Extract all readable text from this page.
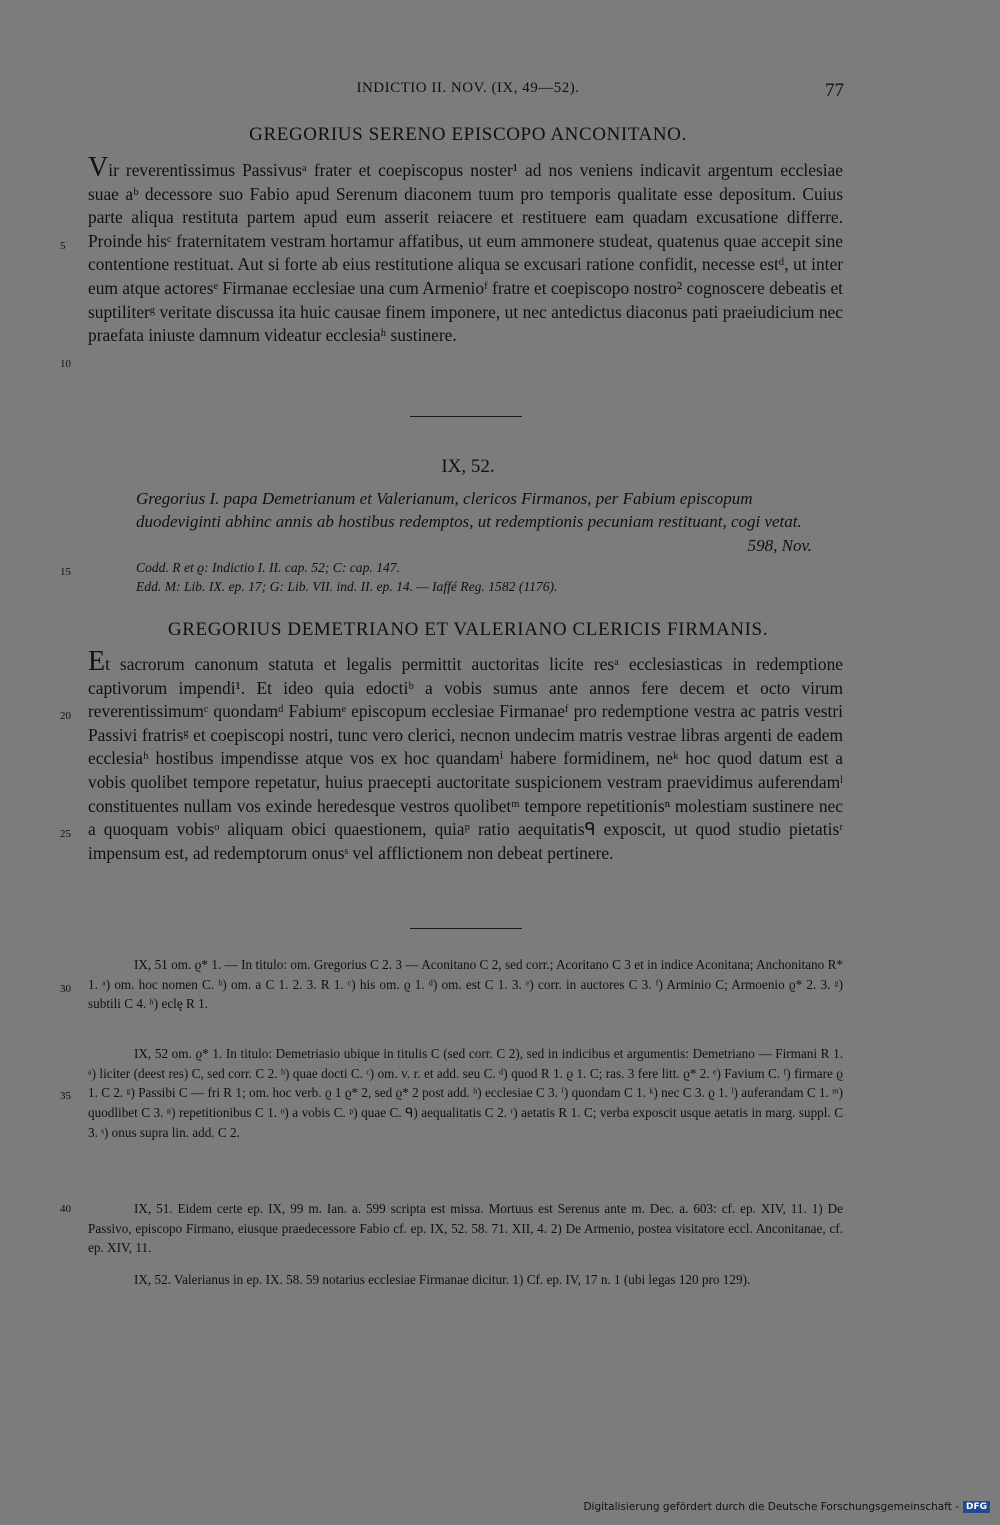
INDICTIO II. NOV. (IX, 49—52).	77
GREGORIUS SERENO EPISCOPO ANCONITANO.

Vir reverentissimus Passivusᵃ frater et coepiscopus noster¹ ad nos veniens indicavit argentum ecclesiae suae aᵇ decessore suo Fabio apud Serenum diaconem tuum pro temporis qualitate esse depositum. Cuius parte aliqua restituta partem apud eum asserit reiacere et restituere eam quadam excusatione differre. Proinde hisᶜ fraternitatem vestram hortamur affatibus, ut eum ammonere studeat, quatenus quae accepit sine contentione restituat. Aut si forte ab eius restitutione aliqua se excusari ratione confidit, necesse estᵈ, ut inter eum atque actoresᵉ Firmanae ecclesiae una cum Armenioᶠ fratre et coepiscopo nostro² cognoscere debeatis et suptiliterᵍ veritate discussa ita huic causae finem imponere, ut nec antedictus diaconus pati praeiudicium nec praefata iniuste damnum videatur ecclesiaʰ sustinere.

IX, 52.
Gregorius I. papa Demetrianum et Valerianum, clericos Firmanos, per Fabium episcopum duodeviginti abhinc annis ab hostibus redemptos, ut redemptionis pecuniam restituant, cogi vetat.
598, Nov.
Codd. R et ϱ: Indictio I. II. cap. 52; C: cap. 147.
Edd. M: Lib. IX. ep. 17; G: Lib. VII. ind. II. ep. 14. — Iaffé Reg. 1582 (1176).
GREGORIUS DEMETRIANO ET VALERIANO CLERICIS FIRMANIS.

Et sacrorum canonum statuta et legalis permittit auctoritas licite resᵃ ecclesiasticas in redemptione captivorum impendi¹. Et ideo quia edoctiᵇ a vobis sumus ante annos fere decem et octo virum reverentissimumᶜ quondamᵈ Fabiumᵉ episcopum ecclesiae Firmanaeᶠ pro redemptione vestra ac patris vestri Passivi fratrisᵍ et coepiscopi nostri, tunc vero clerici, necnon undecim matris vestrae libras argenti de eadem ecclesiaʰ hostibus impendisse atque vos ex hoc quandamⁱ habere formidinem, neᵏ hoc quod datum est a vobis quolibet tempore repetatur, huius praecepti auctoritate suspicionem vestram praevidimus auferendamˡ constituentes nullam vos exinde heredesque vestros quolibetᵐ tempore repetitionisⁿ molestiam sustinere nec a quoquam vobisᵒ aliquam obici quaestionem, quiaᵖ ratio aequitatisᑫ exposcit, ut quod studio pietatisʳ impensum est, ad redemptorum onusˢ vel afflictionem non debeat pertinere.

IX, 51 om. ϱ* 1. — In titulo: om. Gregorius C 2. 3 — Aconitano C 2, sed corr.; Acoritano C 3 et in indice Aconitana; Anchonitano R* 1. ᵃ) om. hoc nomen C. ᵇ) om. a C 1. 2. 3. R 1. ᶜ) his om. ϱ 1. ᵈ) om. est C 1. 3. ᵉ) corr. in auctores C 3. ᶠ) Arminio C; Armoenio ϱ* 2. 3. ᵍ) subtili C 4. ʰ) eclę R 1.

IX, 52 om. ϱ* 1. In titulo: Demetriasio ubique in titulis C (sed corr. C 2), sed in indicibus et argumentis: Demetriano — Firmani R 1. ᵃ) liciter (deest res) C, sed corr. C 2. ᵇ) quae docti C. ᶜ) om. v. r. et add. seu C. ᵈ) quod R 1. ϱ 1. C; ras. 3 fere litt. ϱ* 2. ᵉ) Favium C. ᶠ) firmare ϱ 1. C 2. ᵍ) Passibi C — fri R 1; om. hoc verb. ϱ 1 ϱ* 2, sed ϱ* 2 post add. ʰ) ecclesiae C 3. ⁱ) quondam C 1. ᵏ) nec C 3. ϱ 1. ˡ) auferandam C 1. ᵐ) quodlibet C 3. ⁿ) repetitionibus C 1. ᵒ) a vobis C. ᵖ) quae C. ᑫ) aequalitatis C 2. ʳ) aetatis R 1. C; verba exposcit usque aetatis in marg. suppl. C 3. ˢ) onus supra lin. add. C 2.

IX, 51. Eidem certe ep. IX, 99 m. Ian. a. 599 scripta est missa. Mortuus est Serenus ante m. Dec. a. 603: cf. ep. XIV, 11. 1) De Passivo, episcopo Firmano, eiusque praedecessore Fabio cf. ep. IX, 52. 58. 71. XII, 4. 2) De Armenio, postea visitatore eccl. Anconitanae, cf. ep. XIV, 11.

IX, 52. Valerianus in ep. IX. 58. 59 notarius ecclesiae Firmanae dicitur. 1) Cf. ep. IV, 17 n. 1 (ubi legas 120 pro 129).

5
10
15
20
25
30
35
40
Digitalisierung gefördert durch die Deutsche Forschungsgemeinschaft - DFG
